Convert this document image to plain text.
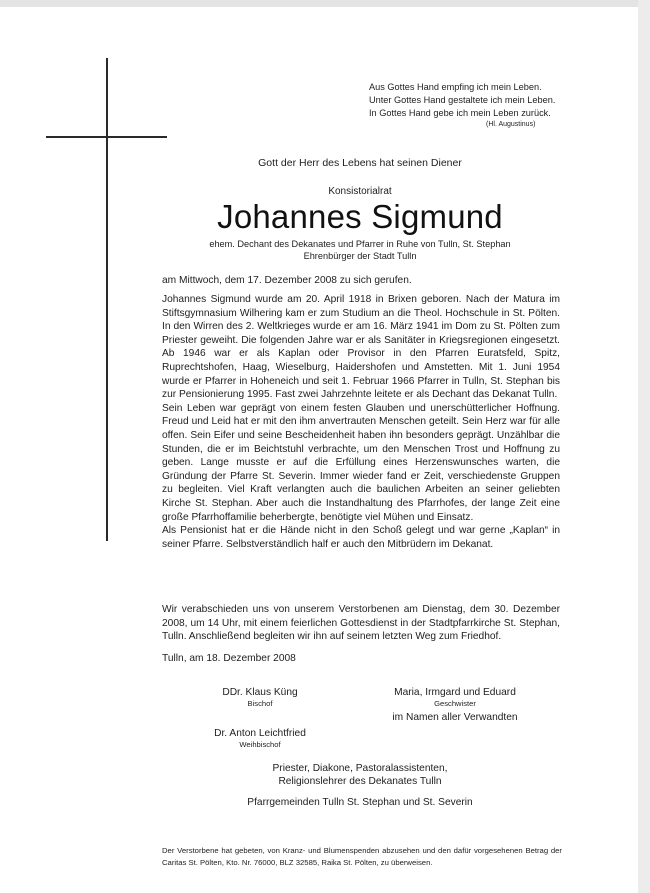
Aus Gottes Hand empfing ich mein Leben.
Unter Gottes Hand gestaltete ich mein Leben.
In Gottes Hand gebe ich mein Leben zurück.
(Hl. Augustinus)
Gott der Herr des Lebens hat seinen Diener
Konsistorialrat
Johannes Sigmund
ehem. Dechant des Dekanates und Pfarrer in Ruhe von Tulln, St. Stephan
Ehrenbürger der Stadt Tulln
am Mittwoch, dem 17. Dezember 2008 zu sich gerufen.

Johannes Sigmund wurde am 20. April 1918 in Brixen geboren. Nach der Matura im Stiftsgymnasium Wilhering kam er zum Studium an die Theol. Hochschule in St. Pölten. In den Wirren des 2. Weltkrieges wurde er am 16. März 1941 im Dom zu St. Pölten zum Priester geweiht. Die folgenden Jahre war er als Sanitäter in Kriegsregionen eingesetzt. Ab 1946 war er als Kaplan oder Provisor in den Pfarren Euratsfeld, Spitz, Ruprechtshofen, Haag, Wieselburg, Haidershofen und Amstetten. Mit 1. Juni 1954 wurde er Pfarrer in Hoheneich und seit 1. Februar 1966 Pfarrer in Tulln, St. Stephan bis zur Pensionierung 1995. Fast zwei Jahrzehnte leitete er als Dechant das Dekanat Tulln.

Sein Leben war geprägt von einem festen Glauben und unerschütterlicher Hoffnung. Freud und Leid hat er mit den ihm anvertrauten Menschen geteilt. Sein Herz war für alle offen. Sein Eifer und seine Bescheidenheit haben ihn besonders geprägt. Unzählbar die Stunden, die er im Beichtstuhl verbrachte, um den Menschen Trost und Hoffnung zu geben. Lange musste er auf die Erfüllung eines Herzenswunsches warten, die Gründung der Pfarre St. Severin. Immer wieder fand er Zeit, verschiedenste Gruppen zu begleiten. Viel Kraft verlangten auch die baulichen Arbeiten an seiner geliebten Kirche St. Stephan. Aber auch die Instandhaltung des Pfarrhofes, der lange Zeit eine große Pfarrhoffamilie beherbergte, benötigte viel Mühen und Einsatz.

Als Pensionist hat er die Hände nicht in den Schoß gelegt und war gerne „Kaplan“ in seiner Pfarre. Selbstverständlich half er auch den Mitbrüdern im Dekanat.

Wir verabschieden uns von unserem Verstorbenen am Dienstag, dem 30. Dezember 2008, um 14 Uhr, mit einem feierlichen Gottesdienst in der Stadtpfarrkirche St. Stephan, Tulln. Anschließend begleiten wir ihn auf seinem letzten Weg zum Friedhof.
Tulln, am 18. Dezember 2008
DDr. Klaus Küng
Bischof
Maria, Irmgard und Eduard
Geschwister
im Namen aller Verwandten
Dr. Anton Leichtfried
Weihbischof
Priester, Diakone, Pastoralassistenten,
Religionslehrer des Dekanates Tulln
Pfarrgemeinden Tulln St. Stephan und St. Severin
Der Verstorbene hat gebeten, von Kranz- und Blumenspenden abzusehen und den dafür vorgesehenen Betrag der Caritas St. Pölten, Kto. Nr. 76000, BLZ 32585, Raika St. Pölten, zu überweisen.
